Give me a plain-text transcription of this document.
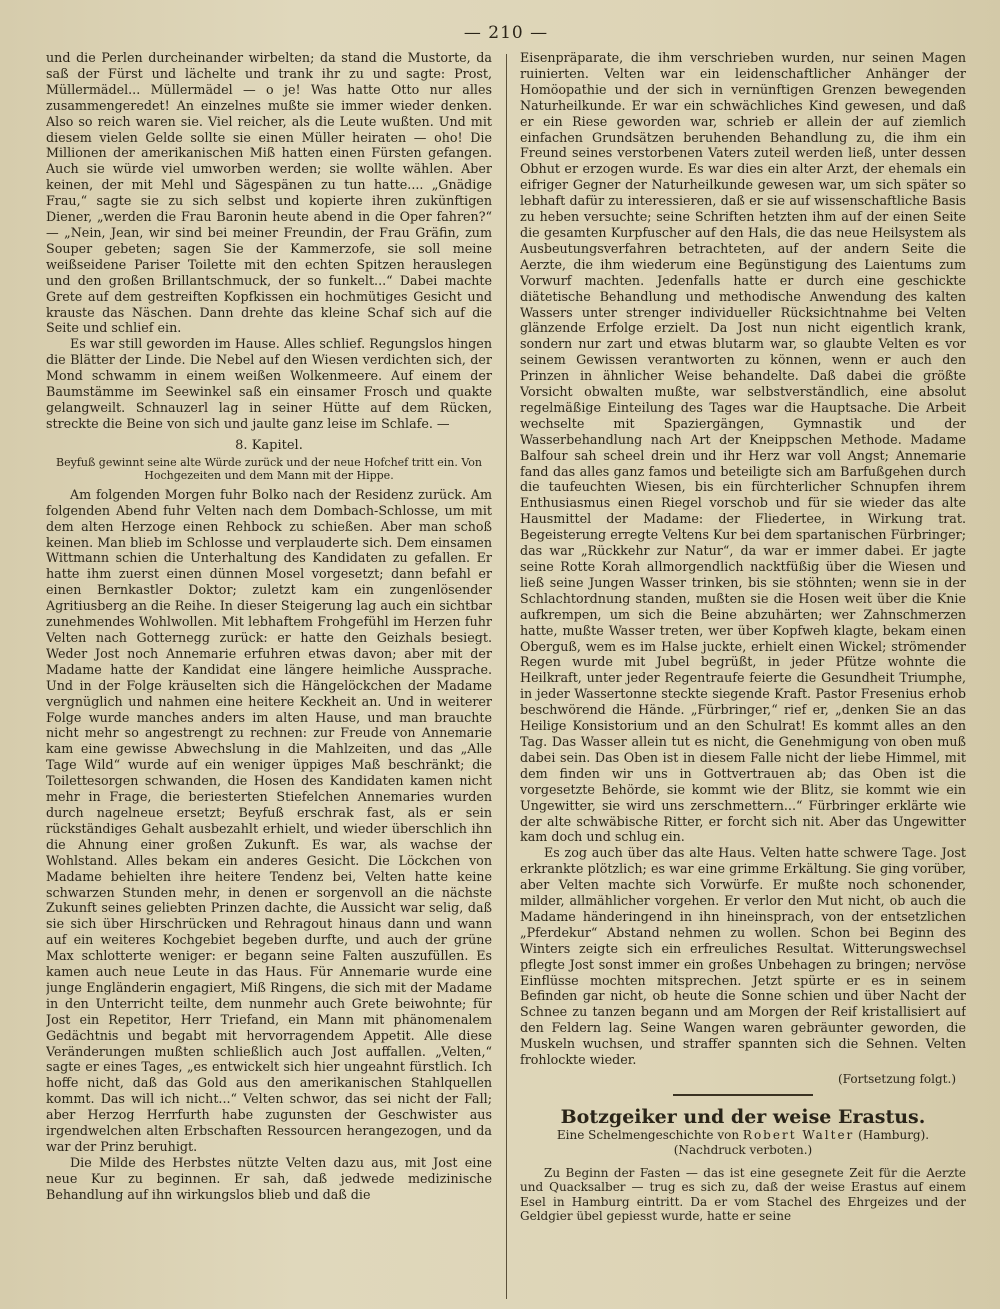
— 210 —

und die Perlen durcheinander wirbelten; da stand die Mustorte, da saß der Fürst und lächelte und trank ihr zu und sagte: Prost, Müllermädel... Müllermädel — o je! Was hatte Otto nur alles zusammengeredet! An einzelnes mußte sie immer wieder denken. Also so reich waren sie. Viel reicher, als die Leute wußten. Und mit diesem vielen Gelde sollte sie einen Müller heiraten — oho! Die Millionen der amerikanischen Miß hatten einen Fürsten gefangen. Auch sie würde viel umworben werden; sie wollte wählen. Aber keinen, der mit Mehl und Sägespänen zu tun hatte.... „Gnädige Frau,“ sagte sie zu sich selbst und kopierte ihren zukünftigen Diener, „werden die Frau Baronin heute abend in die Oper fahren?“ — „Nein, Jean, wir sind bei meiner Freundin, der Frau Gräfin, zum Souper gebeten; sagen Sie der Kammerzofe, sie soll meine weißseidene Pariser Toilette mit den echten Spitzen herauslegen und den großen Brillantschmuck, der so funkelt...“ Dabei machte Grete auf dem gestreiften Kopfkissen ein hochmütiges Gesicht und krauste das Näschen. Dann drehte das kleine Schaf sich auf die Seite und schlief ein.

Es war still geworden im Hause. Alles schlief. Regungslos hingen die Blätter der Linde. Die Nebel auf den Wiesen verdichten sich, der Mond schwamm in einem weißen Wolkenmeere. Auf einem der Baumstämme im Seewinkel saß ein einsamer Frosch und quakte gelangweilt. Schnauzerl lag in seiner Hütte auf dem Rücken, streckte die Beine von sich und jaulte ganz leise im Schlafe. —

8. Kapitel.
Beyfuß gewinnt seine alte Würde zurück und der neue Hofchef tritt ein. Von Hochgezeiten und dem Mann mit der Hippe.

Am folgenden Morgen fuhr Bolko nach der Residenz zurück. Am folgenden Abend fuhr Velten nach dem Dombach-Schlosse, um mit dem alten Herzoge einen Rehbock zu schießen. Aber man schoß keinen. Man blieb im Schlosse und verplauderte sich. Dem einsamen Wittmann schien die Unterhaltung des Kandidaten zu gefallen. Er hatte ihm zuerst einen dünnen Mosel vorgesetzt; dann befahl er einen Bernkastler Doktor; zuletzt kam ein zungenlösender Agritiusberg an die Reihe. In dieser Steigerung lag auch ein sichtbar zunehmendes Wohlwollen. Mit lebhaftem Frohgefühl im Herzen fuhr Velten nach Gotternegg zurück: er hatte den Geizhals besiegt. Weder Jost noch Annemarie erfuhren etwas davon; aber mit der Madame hatte der Kandidat eine längere heimliche Aussprache. Und in der Folge kräuselten sich die Hängelöckchen der Madame vergnüglich und nahmen eine heitere Keckheit an. Und in weiterer Folge wurde manches anders im alten Hause, und man brauchte nicht mehr so angestrengt zu rechnen: zur Freude von Annemarie kam eine gewisse Abwechslung in die Mahlzeiten, und das „Alle Tage Wild“ wurde auf ein weniger üppiges Maß beschränkt; die Toilettesorgen schwanden, die Hosen des Kandidaten kamen nicht mehr in Frage, die beriesterten Stiefelchen Annemaries wurden durch nagelneue ersetzt; Beyfuß erschrak fast, als er sein rückständiges Gehalt ausbezahlt erhielt, und wieder überschlich ihn die Ahnung einer großen Zukunft. Es war, als wachse der Wohlstand. Alles bekam ein anderes Gesicht. Die Löckchen von Madame behielten ihre heitere Tendenz bei, Velten hatte keine schwarzen Stunden mehr, in denen er sorgenvoll an die nächste Zukunft seines geliebten Prinzen dachte, die Aussicht war selig, daß sie sich über Hirschrücken und Rehragout hinaus dann und wann auf ein weiteres Kochgebiet begeben durfte, und auch der grüne Max schlotterte weniger: er begann seine Falten auszufüllen. Es kamen auch neue Leute in das Haus. Für Annemarie wurde eine junge Engländerin engagiert, Miß Ringens, die sich mit der Madame in den Unterricht teilte, dem nunmehr auch Grete beiwohnte; für Jost ein Repetitor, Herr Triefand, ein Mann mit phänomenalem Gedächtnis und begabt mit hervorragendem Appetit. Alle diese Veränderungen mußten schließlich auch Jost auffallen. „Velten,“ sagte er eines Tages, „es entwickelt sich hier ungeahnt fürstlich. Ich hoffe nicht, daß das Gold aus den amerikanischen Stahlquellen kommt. Das will ich nicht...“ Velten schwor, das sei nicht der Fall; aber Herzog Herrfurth habe zugunsten der Geschwister aus irgendwelchen alten Erbschaften Ressourcen herangezogen, und da war der Prinz beruhigt.

Die Milde des Herbstes nützte Velten dazu aus, mit Jost eine neue Kur zu beginnen. Er sah, daß jedwede medizinische Behandlung auf ihn wirkungslos blieb und daß die

Eisenpräparate, die ihm verschrieben wurden, nur seinen Magen ruinierten. Velten war ein leidenschaftlicher Anhänger der Homöopathie und der sich in vernünftigen Grenzen bewegenden Naturheilkunde. Er war ein schwächliches Kind gewesen, und daß er ein Riese geworden war, schrieb er allein der auf ziemlich einfachen Grundsätzen beruhenden Behandlung zu, die ihm ein Freund seines verstorbenen Vaters zuteil werden ließ, unter dessen Obhut er erzogen wurde. Es war dies ein alter Arzt, der ehemals ein eifriger Gegner der Naturheilkunde gewesen war, um sich später so lebhaft dafür zu interessieren, daß er sie auf wissenschaftliche Basis zu heben versuchte; seine Schriften hetzten ihm auf der einen Seite die gesamten Kurpfuscher auf den Hals, die das neue Heilsystem als Ausbeutungsverfahren betrachteten, auf der andern Seite die Aerzte, die ihm wiederum eine Begünstigung des Laientums zum Vorwurf machten. Jedenfalls hatte er durch eine geschickte diätetische Behandlung und methodische Anwendung des kalten Wassers unter strenger individueller Rücksichtnahme bei Velten glänzende Erfolge erzielt. Da Jost nun nicht eigentlich krank, sondern nur zart und etwas blutarm war, so glaubte Velten es vor seinem Gewissen verantworten zu können, wenn er auch den Prinzen in ähnlicher Weise behandelte. Daß dabei die größte Vorsicht obwalten mußte, war selbstverständlich, eine absolut regelmäßige Einteilung des Tages war die Hauptsache. Die Arbeit wechselte mit Spaziergängen, Gymnastik und der Wasserbehandlung nach Art der Kneippschen Methode. Madame Balfour sah scheel drein und ihr Herz war voll Angst; Annemarie fand das alles ganz famos und beteiligte sich am Barfußgehen durch die taufeuchten Wiesen, bis ein fürchterlicher Schnupfen ihrem Enthusiasmus einen Riegel vorschob und für sie wieder das alte Hausmittel der Madame: der Fliedertee, in Wirkung trat. Begeisterung erregte Veltens Kur bei dem spartanischen Fürbringer; das war „Rückkehr zur Natur“, da war er immer dabei. Er jagte seine Rotte Korah allmorgendlich nacktfüßig über die Wiesen und ließ seine Jungen Wasser trinken, bis sie stöhnten; wenn sie in der Schlachtordnung standen, mußten sie die Hosen weit über die Knie aufkrempen, um sich die Beine abzuhärten; wer Zahnschmerzen hatte, mußte Wasser treten, wer über Kopfweh klagte, bekam einen Oberguß, wem es im Halse juckte, erhielt einen Wickel; strömender Regen wurde mit Jubel begrüßt, in jeder Pfütze wohnte die Heilkraft, unter jeder Regentraufe feierte die Gesundheit Triumphe, in jeder Wassertonne steckte siegende Kraft. Pastor Fresenius erhob beschwörend die Hände. „Fürbringer,“ rief er, „denken Sie an das Heilige Konsistorium und an den Schulrat! Es kommt alles an den Tag. Das Wasser allein tut es nicht, die Genehmigung von oben muß dabei sein. Das Oben ist in diesem Falle nicht der liebe Himmel, mit dem finden wir uns in Gottvertrauen ab; das Oben ist die vorgesetzte Behörde, sie kommt wie der Blitz, sie kommt wie ein Ungewitter, sie wird uns zerschmettern...“ Fürbringer erklärte wie der alte schwäbische Ritter, er forcht sich nit. Aber das Ungewitter kam doch und schlug ein.

Es zog auch über das alte Haus. Velten hatte schwere Tage. Jost erkrankte plötzlich; es war eine grimme Erkältung. Sie ging vorüber, aber Velten machte sich Vorwürfe. Er mußte noch schonender, milder, allmählicher vorgehen. Er verlor den Mut nicht, ob auch die Madame händeringend in ihn hineinsprach, von der entsetzlichen „Pferdekur“ Abstand nehmen zu wollen. Schon bei Beginn des Winters zeigte sich ein erfreuliches Resultat. Witterungswechsel pflegte Jost sonst immer ein großes Unbehagen zu bringen; nervöse Einflüsse mochten mitsprechen. Jetzt spürte er es in seinem Befinden gar nicht, ob heute die Sonne schien und über Nacht der Schnee zu tanzen begann und am Morgen der Reif kristallisiert auf den Feldern lag. Seine Wangen waren gebräunter geworden, die Muskeln wuchsen, und straffer spannten sich die Sehnen. Velten frohlockte wieder.

(Fortsetzung folgt.)
Botzgeiker und der weise Erastus.
Eine Schelmengeschichte von Robert Walter (Hamburg).
(Nachdruck verboten.)

Zu Beginn der Fasten — das ist eine gesegnete Zeit für die Aerzte und Quacksalber — trug es sich zu, daß der weise Erastus auf einem Esel in Hamburg eintritt. Da er vom Stachel des Ehrgeizes und der Geldgier übel gepiesst wurde, hatte er seine
